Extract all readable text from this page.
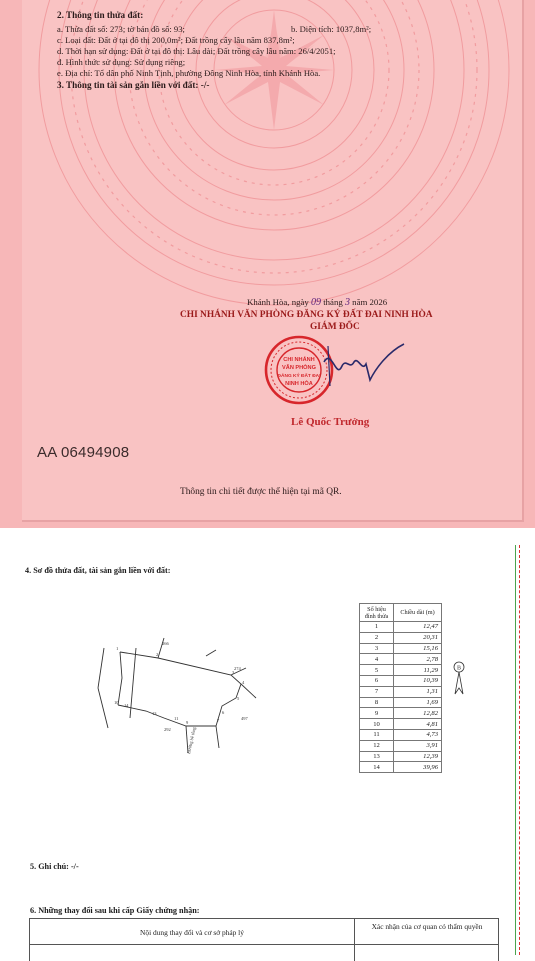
2. Thông tin thửa đất:
a. Thửa đất số: 273; tờ bản đồ số: 93;	b. Diện tích: 1037,8m²;
c. Loại đất: Đất ở tại đô thị 200,0m²; Đất trồng cây lâu năm 837,8m²;
d. Thời hạn sử dụng: Đất ở tại đô thị: Lâu dài; Đất trồng cây lâu năm: 26/4/2051;
đ. Hình thức sử dụng: Sử dụng riêng;
e. Địa chỉ: Tổ dân phố Ninh Tịnh, phường Đông Ninh Hòa, tỉnh Khánh Hòa.
3. Thông tin tài sản gắn liền với đất: -/-
Khánh Hòa, ngày 09 tháng 3 năm 2026
CHI NHÁNH VĂN PHÒNG ĐĂNG KÝ ĐẤT ĐAI NINH HÒA
GIÁM ĐỐC
CHI NHÁNH
VĂN PHÒNG
ĐĂNG KÝ ĐẤT ĐAI
NINH HÒA
Lê Quốc Trưởng
AA 06494908
Thông tin chi tiết được thể hiện tại mã QR.
4. Sơ đồ thửa đất, tài sản gắn liền với đất:
1
2
3
4
5
6
7
9
11
13
14
10
266
274
497
292	Đường bê tông
Số hiệu đỉnh thửa	Chiều dài (m)
1	12,47
2	20,31
3	15,16
4	2,78
5	11,29
6	10,39
7	1,31
8	1,69
9	12,82
10	4,81
11	4,73
12	3,91
13	12,39
14	39,96
B
5. Ghi chú: -/-
6. Những thay đổi sau khi cấp Giấy chứng nhận:
Nội dung thay đổi và cơ sở pháp lý
Xác nhận của cơ quan có thẩm quyền
